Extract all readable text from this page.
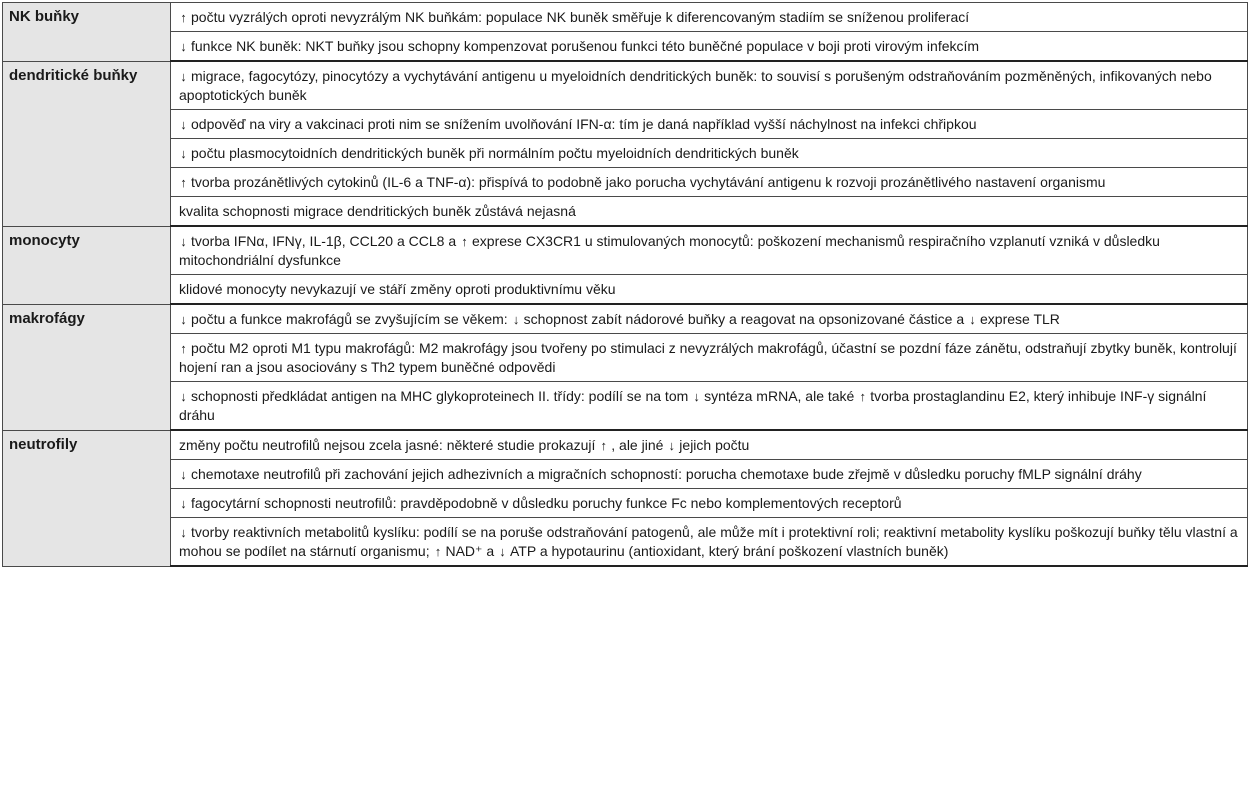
NK buňky	↑ počtu vyzrálých oproti nevyzrálým NK buňkám: populace NK buněk směřuje k diferencovaným stadiím se sníženou proliferací
	↓ funkce NK buněk: NKT buňky jsou schopny kompenzovat porušenou funkci této buněčné populace v boji proti virovým infekcím
dendritické buňky	↓ migrace, fagocytózy, pinocytózy a vychytávání antigenu u myeloidních dendritických buněk: to souvisí s porušeným odstraňováním pozměněných, infikovaných nebo apoptotických buněk
	↓ odpověď na viry a vakcinaci proti nim se snížením uvolňování IFN-α: tím je daná například vyšší náchylnost na infekci chřipkou
	↓ počtu plasmocytoidních dendritických buněk při normálním počtu myeloidních dendritických buněk
	↑ tvorba prozánětlivých cytokinů (IL-6 a TNF-α): přispívá to podobně jako porucha vychytávání antigenu k rozvoji prozánětlivého nastavení organismu
	kvalita schopnosti migrace dendritických buněk zůstává nejasná
monocyty	↓ tvorba IFNα, IFNγ, IL-1β, CCL20 a CCL8 a ↑ exprese CX3CR1 u stimulovaných monocytů: poškození mechanismů respiračního vzplanutí vzniká v důsledku mitochondriální dysfunkce
	klidové monocyty nevykazují ve stáří změny oproti produktivnímu věku
makrofágy	↓ počtu a funkce makrofágů se zvyšujícím se věkem: ↓ schopnost zabít nádorové buňky a reagovat na opsonizované částice a ↓ exprese TLR
	↑ počtu M2 oproti M1 typu makrofágů: M2 makrofágy jsou tvořeny po stimulaci z nevyzrálých makrofágů, účastní se pozdní fáze zánětu, odstraňují zbytky buněk, kontrolují hojení ran a jsou asociovány s Th2 typem buněčné odpovědi
	↓ schopnosti předkládat antigen na MHC glykoproteinech II. třídy: podílí se na tom ↓ syntéza mRNA, ale také ↑ tvorba prostaglandinu E2, který inhibuje INF-γ signální dráhu
neutrofily	změny počtu neutrofilů nejsou zcela jasné: některé studie prokazují ↑ , ale jiné ↓ jejich počtu
	↓ chemotaxe neutrofilů při zachování jejich adhezivních a migračních schopností: porucha chemotaxe bude zřejmě v důsledku poruchy fMLP signální dráhy
	↓ fagocytární schopnosti neutrofilů: pravděpodobně v důsledku poruchy funkce Fc nebo komplementových receptorů
	↓ tvorby reaktivních metabolitů kyslíku: podílí se na poruše odstraňování patogenů, ale může mít i protektivní roli; reaktivní metabolity kyslíku poškozují buňky tělu vlastní a mohou se podílet na stárnutí organismu; ↑ NAD⁺ a ↓ ATP a hypotaurinu (antioxidant, který brání poškození vlastních buněk)
